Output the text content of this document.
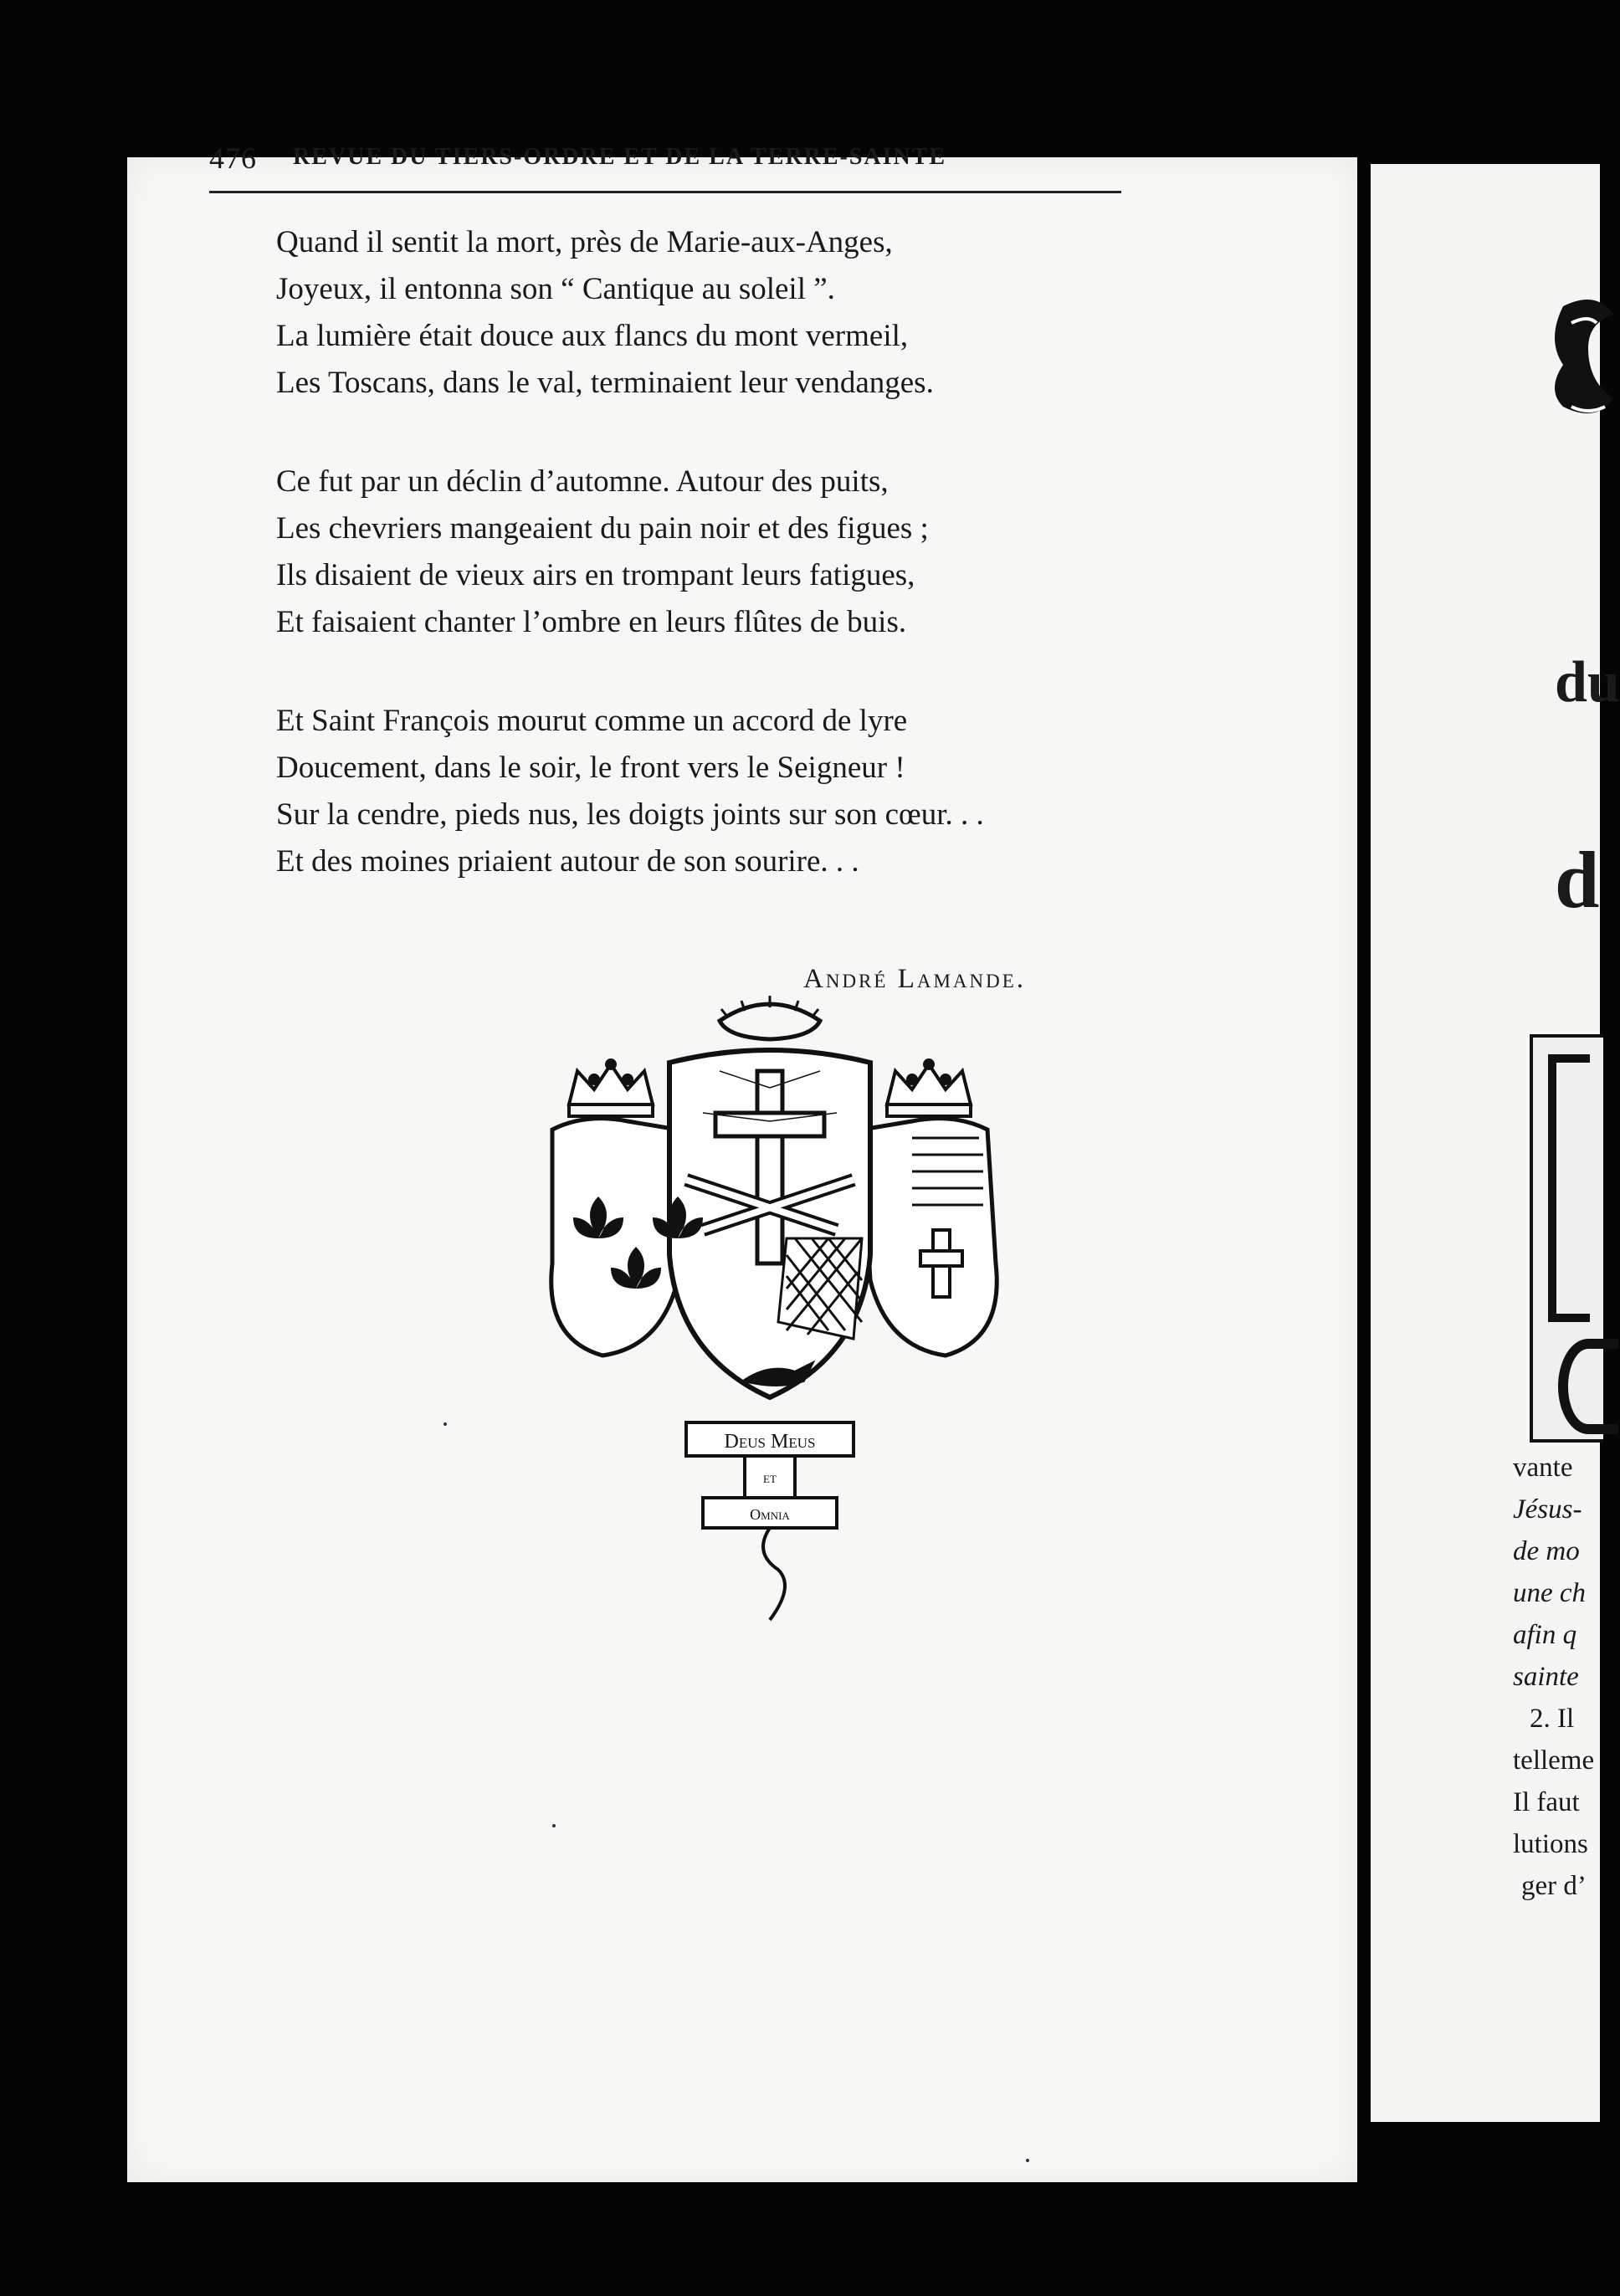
476 REVUE DU TIERS-ORDRE ET DE LA TERRE-SAINTE
Quand il sentit la mort, près de Marie-aux-Anges,
Joyeux, il entonna son “ Cantique au soleil ”.
La lumière était douce aux flancs du mont vermeil,
Les Toscans, dans le val, terminaient leur vendanges.
Ce fut par un déclin d’automne. Autour des puits,
Les chevriers mangeaient du pain noir et des figues ;
Ils disaient de vieux airs en trompant leurs fatigues,
Et faisaient chanter l’ombre en leurs flûtes de buis.
Et Saint François mourut comme un accord de lyre
Doucement, dans le soir, le front vers le Seigneur !
Sur la cendre, pieds nus, les doigts joints sur son cœur. . .
Et des moines priaient autour de son sourire. . .
André Lamande.
Deus Meus
et
Omnia
du
d
vante
Jésus-
de mo
une ch
afin q
sainte
2. Il
telleme
Il faut
lutions
ger d’
